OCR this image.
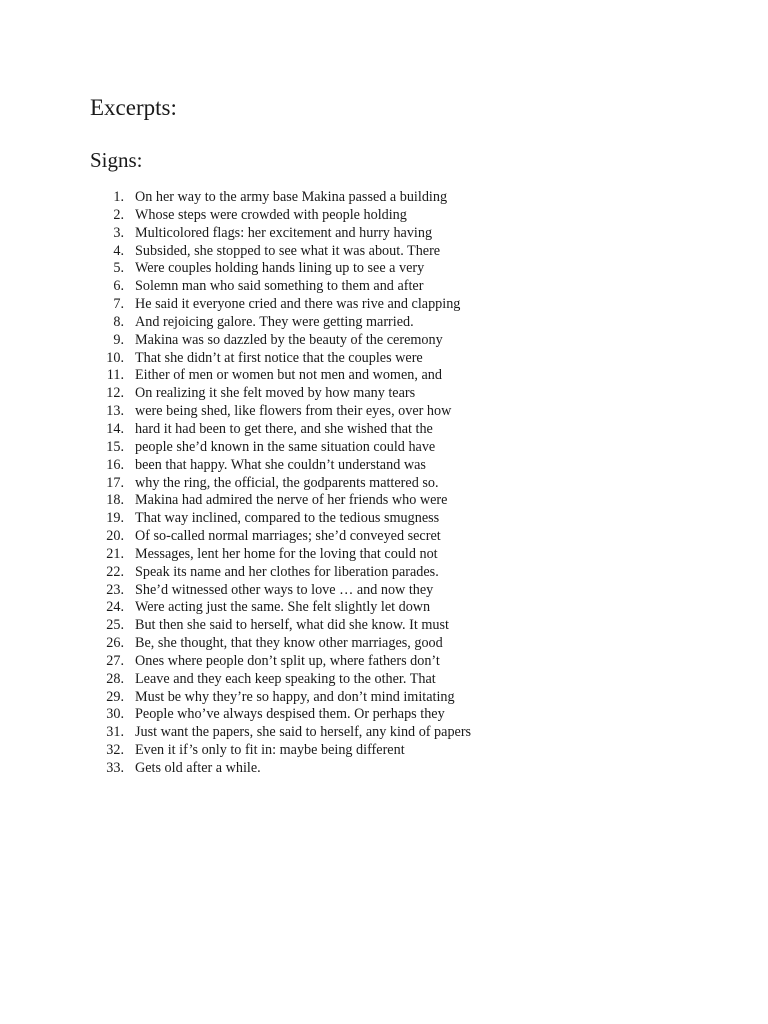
Excerpts:
Signs:
1. On her way to the army base Makina passed a building
2. Whose steps were crowded with people holding
3. Multicolored flags: her excitement and hurry having
4. Subsided, she stopped to see what it was about. There
5. Were couples holding hands lining up to see a very
6. Solemn man who said something to them and after
7. He said it everyone cried and there was rive and clapping
8. And rejoicing galore. They were getting married.
9. Makina was so dazzled by the beauty of the ceremony
10. That she didn’t at first notice that the couples were
11. Either of men or women but not men and women, and
12. On realizing it she felt moved by how many tears
13. were being shed, like flowers from their eyes, over how
14. hard it had been to get there, and she wished that the
15. people she’d known in the same situation could have
16. been that happy. What she couldn’t understand was
17. why the ring, the official, the godparents mattered so.
18. Makina had admired the nerve of her friends who were
19. That way inclined, compared to the tedious smugness
20. Of so-called normal marriages; she’d conveyed secret
21. Messages, lent her home for the loving that could not
22. Speak its name and her clothes for liberation parades.
23. She’d witnessed other ways to love … and now they
24. Were acting just the same. She felt slightly let down
25. But then she said to herself, what did she know. It must
26. Be, she thought, that they know other marriages, good
27. Ones where people don’t split up, where fathers don’t
28. Leave and they each keep speaking to the other. That
29. Must be why they’re so happy, and don’t mind imitating
30. People who’ve always despised them. Or perhaps they
31. Just want the papers, she said to herself, any kind of papers
32. Even it if’s only to fit in: maybe being different
33. Gets old after a while.
